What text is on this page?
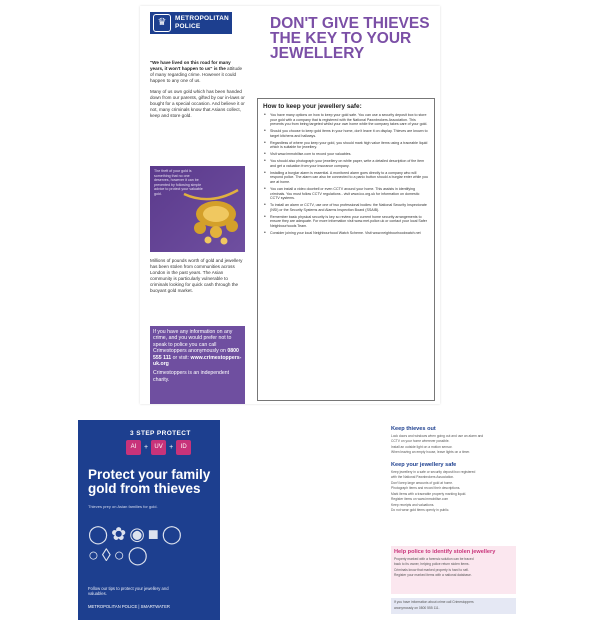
♛	METROPOLITAN
POLICE	DON'T GIVE THIEVES THE KEY TO YOUR JEWELLERY

"We have lived on this road for many years, it won't happen to us" is the attitude of many regarding crime. However it could happen to any one of us.

Many of us own gold which has been handed down from our parents, gifted by our in-laws or bought for a special occasion. And believe it or not, many criminals know that Asians collect, keep and store gold.

The theft of your gold is something that no one deserves, however it can be prevented by following simple advice to protect your valuable gold.
Millions of pounds worth of gold and jewellery has been stolen from communities across London in the past years. The Asian community is particularly vulnerable to criminals looking for quick cash through the buoyant gold market.
If you have any information on any crime, and you would prefer not to speak to police you can call Crimestoppers anonymously on 0800 555 111 or visit: www.crimestoppers-uk.org
Crimestoppers is an independent charity.
How to keep your jewellery safe:
• You have many options on how to keep your gold safe. You can use a security deposit box to store your gold with a company that is registered with the National Pawnbrokers Association. This prevents you from being targeted whilst your own home while the company takes care of your gold.
• Should you choose to keep gold items in your home, don't leave it on display. Thieves are known to target kitchens and hallways.
• Regardless of where you keep your gold, you should mark high value items using a traceable liquid which is suitable for jewellery.
• Visit www.immobilise.com to record your valuables.
• You should also photograph your jewellery on white paper, write a detailed description of the item and get a valuation from your insurance company.
• Installing a burglar alarm is essential. A monitored alarm goes directly to a company who will respond police. The alarm can also be connected to a panic button should a burglar enter while you are at home.
• You can install a video doorbell or even CCTV around your home. This assists in identifying criminals. You must follow CCTV regulations - visit www.ico.org.uk for information on domestic CCTV systems.
• To install an alarm or CCTV, use one of two professional bodies: the National Security Inspectorate (NSI) or the Security Systems and Alarms Inspection Board (SSAIB).
• Remember basic physical security is key so review your current home security arrangements to ensure they are adequate. For more information visit www.met.police.uk or contact your local Safer Neighbourhoods Team.
• Consider joining your local Neighbourhood Watch Scheme. Visit www.neighbourhoodwatch.net
3 STEP PROTECT
AI	+	UV +	ID
Protect your family gold from thieves
Thieves prey on Asian families for gold.
◯✿◉■◯
○◊○◯
Follow our tips to protect your jewellery and valuables.
METROPOLITAN POLICE | SMARTWATER
Keep thieves out
Lock doors and windows when going out and use an alarm and
CCTV on your home wherever possible.
Install an outside light on a motion sensor.
When leaving an empty house, leave lights on a timer.
Keep your jewellery safe
Keep jewellery in a safe or security deposit box registered
with the National Pawnbrokers Association.
Don't keep large amounts of gold at home.
Photograph items and record their descriptions.
Mark items with a traceable property marking liquid.
Register items on www.immobilise.com
Keep receipts and valuations.
Do not wear gold items openly in public.
Help police to identify stolen jewellery
Property marked with a forensic solution can be traced
back to its owner, helping police return stolen items.
Criminals know that marked property is hard to sell.
Register your marked items with a national database.
If you have information about crime call Crimestoppers
anonymously on 0800 555 111.
